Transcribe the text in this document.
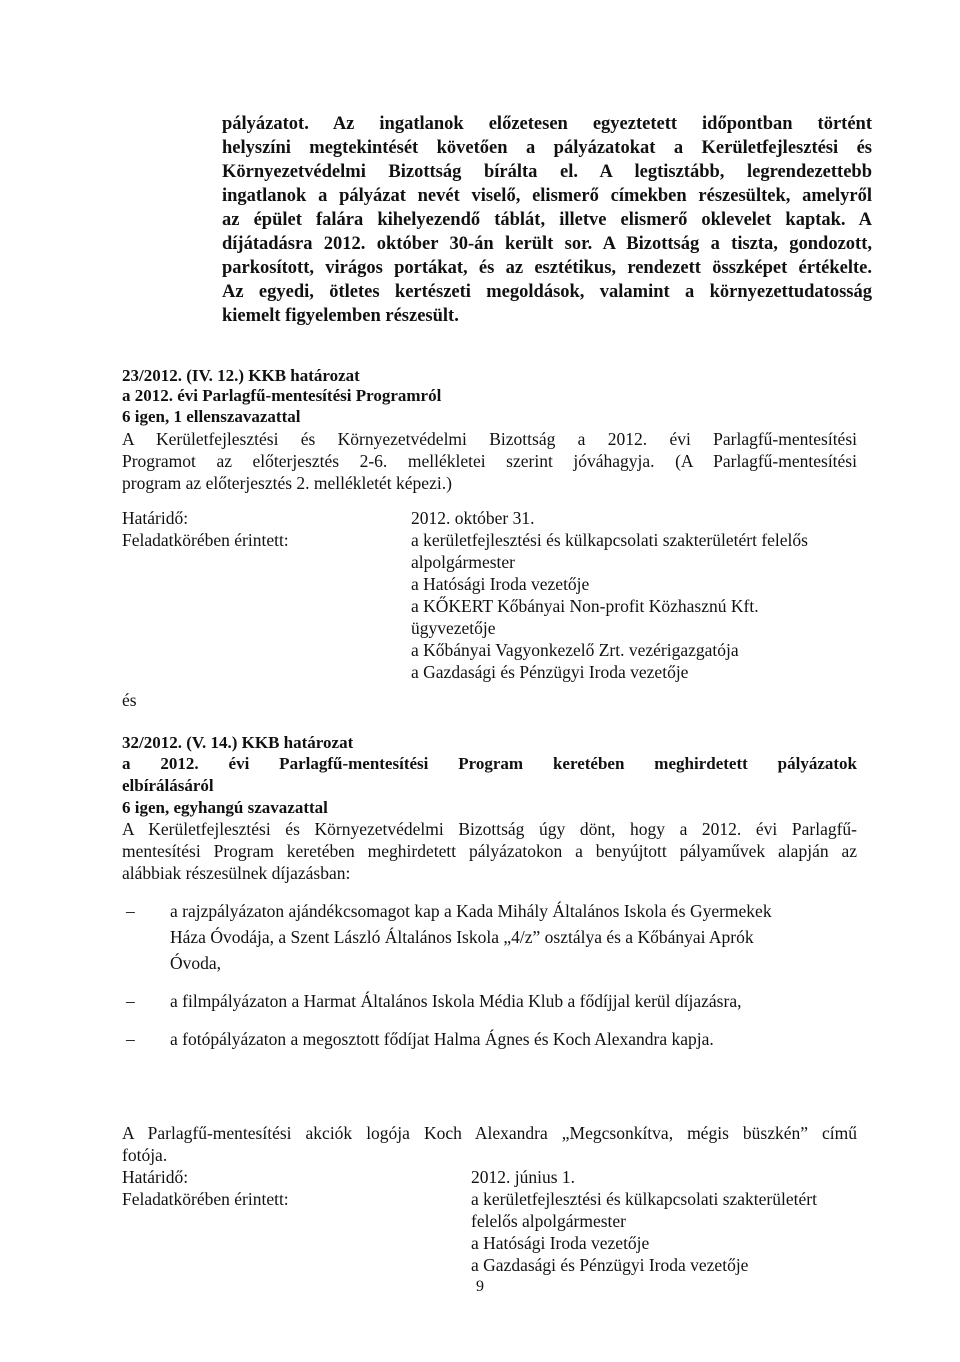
pályázatot. Az ingatlanok előzetesen egyeztetett időpontban történt
helyszíni megtekintését követően a pályázatokat a Kerületfejlesztési és
Környezetvédelmi Bizottság bírálta el. A legtisztább, legrendezettebb
ingatlanok a pályázat nevét viselő, elismerő címekben részesültek, amelyről
az épület falára kihelyezendő táblát, illetve elismerő oklevelet kaptak. A
díjátadásra 2012. október 30-án került sor. A Bizottság a tiszta, gondozott,
parkosított, virágos portákat, és az esztétikus, rendezett összképet értékelte.
Az egyedi, ötletes kertészeti megoldások, valamint a környezettudatosság
kiemelt figyelemben részesült.
23/2012. (IV. 12.) KKB határozat
a 2012. évi Parlagfű-mentesítési Programról
6 igen, 1 ellenszavazattal
A Kerületfejlesztési és Környezetvédelmi Bizottság a 2012. évi Parlagfű-mentesítési
Programot az előterjesztés 2-6. mellékletei szerint jóváhagyja. (A Parlagfű-mentesítési
program az előterjesztés 2. mellékletét képezi.)
Határidő:	2012. október 31.
Feladatkörében érintett:	a kerületfejlesztési és külkapcsolati szakterületért felelős
alpolgármester
a Hatósági Iroda vezetője
a KŐKERT Kőbányai Non-profit Közhasznú Kft.
ügyvezetője
a Kőbányai Vagyonkezelő Zrt. vezérigazgatója
a Gazdasági és Pénzügyi Iroda vezetője
és
32/2012. (V. 14.) KKB határozat
a 2012. évi Parlagfű-mentesítési Program keretében meghirdetett pályázatok
elbírálásáról
6 igen, egyhangú szavazattal
A Kerületfejlesztési és Környezetvédelmi Bizottság úgy dönt, hogy a 2012. évi Parlagfű-
mentesítési Program keretében meghirdetett pályázatokon a benyújtott pályaművek alapján az
alábbiak részesülnek díjazásban:
– a rajzpályázaton ajándékcsomagot kap a Kada Mihály Általános Iskola és Gyermekek
Háza Óvodája, a Szent László Általános Iskola „4/z” osztálya és a Kőbányai Aprók
Óvoda,
– a filmpályázaton a Harmat Általános Iskola Média Klub a fődíjjal kerül díjazásra,
– a fotópályázaton a megosztott fődíjat Halma Ágnes és Koch Alexandra kapja.
A Parlagfű-mentesítési akciók logója Koch Alexandra „Megcsonkítva, mégis büszkén” című
fotója.
Határidő:	2012. június 1.
Feladatkörében érintett:	a kerületfejlesztési és külkapcsolati szakterületért
felelős alpolgármester
a Hatósági Iroda vezetője
a Gazdasági és Pénzügyi Iroda vezetője
9
